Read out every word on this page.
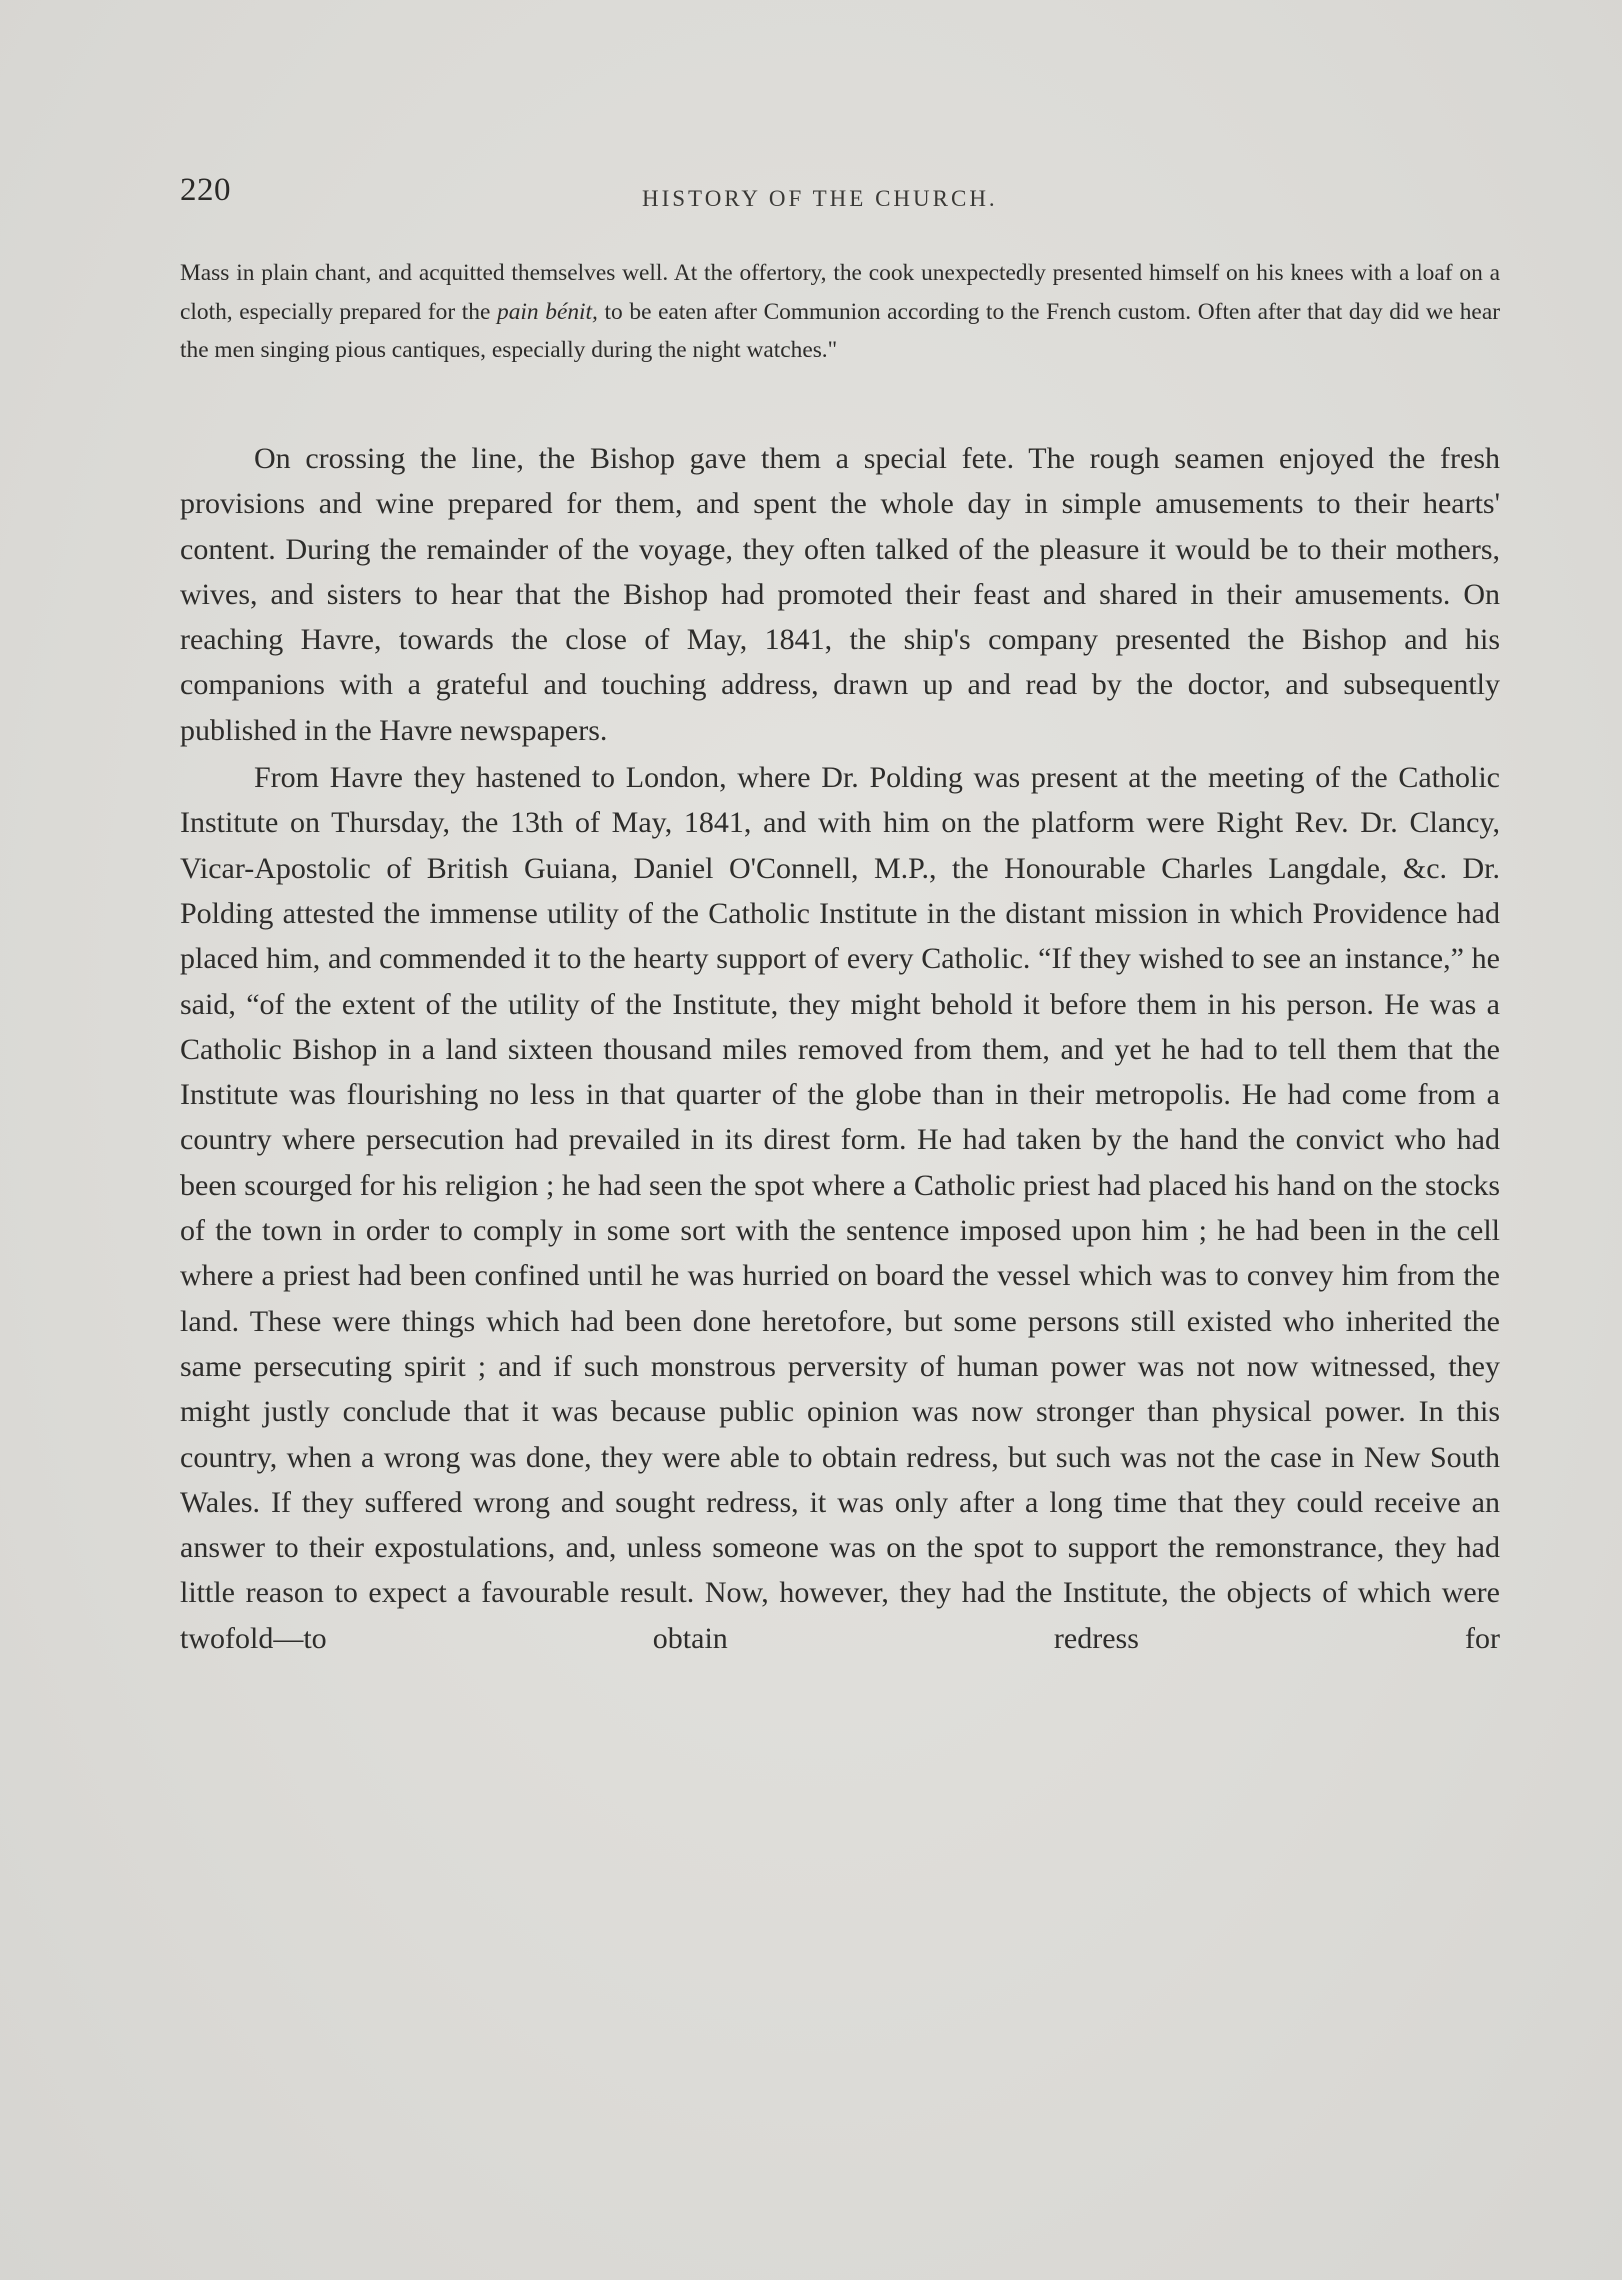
220	HISTORY OF THE CHURCH.

Mass in plain chant, and acquitted themselves well. At the offertory, the cook unexpectedly presented himself on his knees with a loaf on a cloth, especially prepared for the pain bénit, to be eaten after Communion according to the French custom. Often after that day did we hear the men singing pious cantiques, especially during the night watches."

On crossing the line, the Bishop gave them a special fete. The rough seamen enjoyed the fresh provisions and wine prepared for them, and spent the whole day in simple amusements to their hearts' content. During the remainder of the voyage, they often talked of the pleasure it would be to their mothers, wives, and sisters to hear that the Bishop had promoted their feast and shared in their amusements. On reaching Havre, towards the close of May, 1841, the ship's company presented the Bishop and his companions with a grateful and touching address, drawn up and read by the doctor, and subsequently published in the Havre newspapers.

From Havre they hastened to London, where Dr. Polding was present at the meeting of the Catholic Institute on Thursday, the 13th of May, 1841, and with him on the platform were Right Rev. Dr. Clancy, Vicar-Apostolic of British Guiana, Daniel O'Connell, M.P., the Honourable Charles Langdale, &c. Dr. Polding attested the immense utility of the Catholic Institute in the distant mission in which Providence had placed him, and commended it to the hearty support of every Catholic. “If they wished to see an instance,” he said, “of the extent of the utility of the Institute, they might behold it before them in his person. He was a Catholic Bishop in a land sixteen thousand miles removed from them, and yet he had to tell them that the Institute was flourishing no less in that quarter of the globe than in their metropolis. He had come from a country where persecution had prevailed in its direst form. He had taken by the hand the convict who had been scourged for his religion ; he had seen the spot where a Catholic priest had placed his hand on the stocks of the town in order to comply in some sort with the sentence imposed upon him ; he had been in the cell where a priest had been confined until he was hurried on board the vessel which was to convey him from the land. These were things which had been done heretofore, but some persons still existed who inherited the same persecuting spirit ; and if such monstrous perversity of human power was not now witnessed, they might justly conclude that it was because public opinion was now stronger than physical power. In this country, when a wrong was done, they were able to obtain redress, but such was not the case in New South Wales. If they suffered wrong and sought redress, it was only after a long time that they could receive an answer to their expostulations, and, unless someone was on the spot to support the remonstrance, they had little reason to expect a favourable result. Now, however, they had the Institute, the objects of which were twofold—to obtain redress for
